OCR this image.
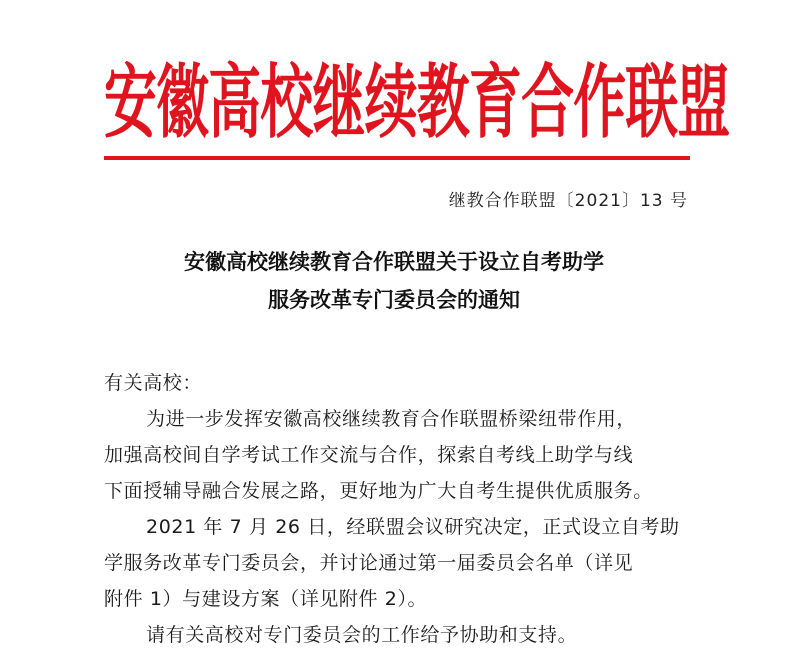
安徽高校继续教育合作联盟
继教合作联盟〔2021〕13 号
安徽高校继续教育合作联盟关于设立自考助学
服务改革专门委员会的通知
有关高校：
为进一步发挥安徽高校继续教育合作联盟桥梁纽带作用，
加强高校间自学考试工作交流与合作，探索自考线上助学与线
下面授辅导融合发展之路，更好地为广大自考生提供优质服务。
2021 年 7 月 26 日，经联盟会议研究决定，正式设立自考助
学服务改革专门委员会，并讨论通过第一届委员会名单（详见
附件 1）与建设方案（详见附件 2）。
请有关高校对专门委员会的工作给予协助和支持。
